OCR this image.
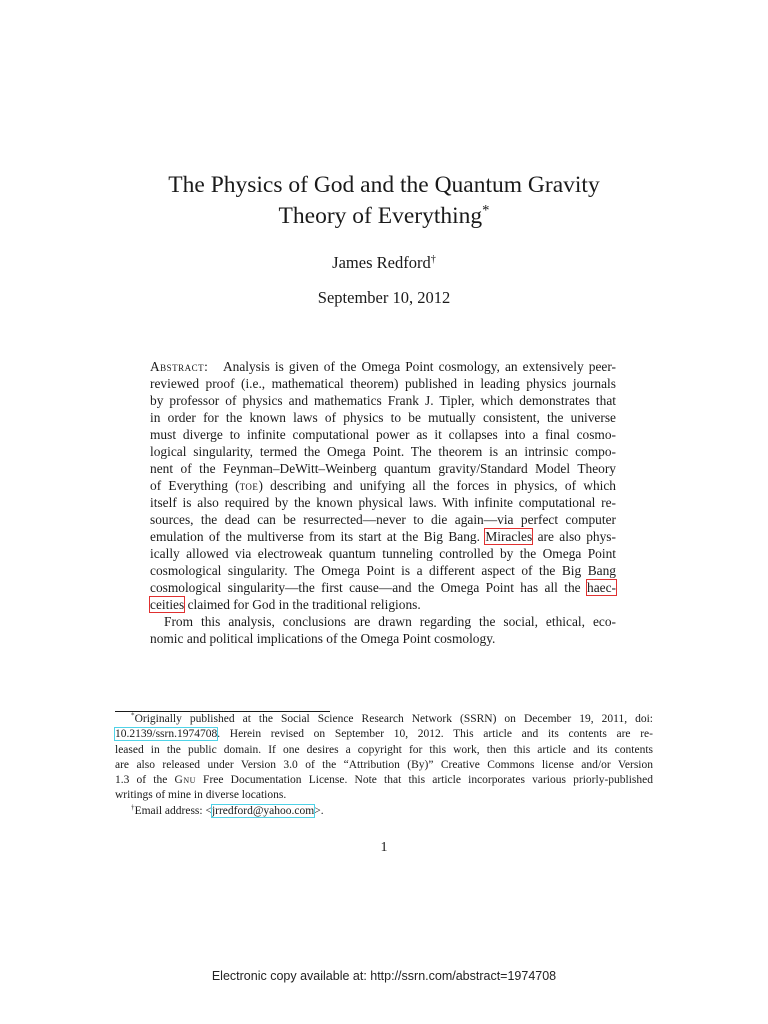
The Physics of God and the Quantum Gravity
Theory of Everything*
James Redford†
September 10, 2012
Abstract: Analysis is given of the Omega Point cosmology, an extensively peer-
reviewed proof (i.e., mathematical theorem) published in leading physics journals
by professor of physics and mathematics Frank J. Tipler, which demonstrates that
in order for the known laws of physics to be mutually consistent, the universe
must diverge to infinite computational power as it collapses into a final cosmo-
logical singularity, termed the Omega Point. The theorem is an intrinsic compo-
nent of the Feynman–DeWitt–Weinberg quantum gravity/Standard Model Theory
of Everything (toe) describing and unifying all the forces in physics, of which
itself is also required by the known physical laws. With infinite computational re-
sources, the dead can be resurrected—never to die again—via perfect computer
emulation of the multiverse from its start at the Big Bang. Miracles are also phys-
ically allowed via electroweak quantum tunneling controlled by the Omega Point
cosmological singularity. The Omega Point is a different aspect of the Big Bang
cosmological singularity—the first cause—and the Omega Point has all the haec-
ceities claimed for God in the traditional religions.
From this analysis, conclusions are drawn regarding the social, ethical, eco-
nomic and political implications of the Omega Point cosmology.
*Originally published at the Social Science Research Network (SSRN) on December 19, 2011, doi:
10.2139/ssrn.1974708. Herein revised on September 10, 2012. This article and its contents are re-
leased in the public domain. If one desires a copyright for this work, then this article and its contents
are also released under Version 3.0 of the “Attribution (By)” Creative Commons license and/or Version
1.3 of the Gnu Free Documentation License. Note that this article incorporates various priorly-published
writings of mine in diverse locations.
†Email address: <jrredford@yahoo.com>.
1
Electronic copy available at: http://ssrn.com/abstract=1974708
